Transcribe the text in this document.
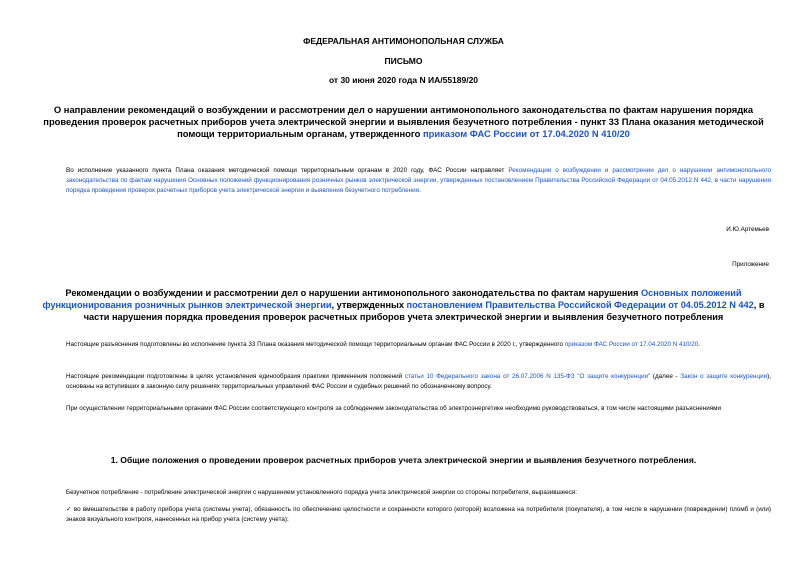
ФЕДЕРАЛЬНАЯ АНТИМОНОПОЛЬНАЯ СЛУЖБА
ПИСЬМО
от 30 июня 2020 года N ИА/55189/20
О направлении рекомендаций о возбуждении и рассмотрении дел о нарушении антимонопольного законодательства по фактам нарушения порядка проведения проверок расчетных приборов учета электрической энергии и выявления безучетного потребления - пункт 33 Плана оказания методической помощи территориальным органам, утвержденного приказом ФАС России от 17.04.2020 N 410/20
Во исполнение указанного пункта Плана оказания методической помощи территориальным органам в 2020 году, ФАС России направляет Рекомендации о возбуждении и рассмотрении дел о нарушении антимонопольного законодательства по фактам нарушения Основных положений функционирования розничных рынков электрической энергии, утвержденных постановлением Правительства Российской Федерации от 04.05.2012 N 442, в части нарушения порядка проведения проверок расчетных приборов учета электрической энергии и выявления безучетного потребления.
И.Ю.Артемьев
Приложение
Рекомендации о возбуждении и рассмотрении дел о нарушении антимонопольного законодательства по фактам нарушения Основных положений функционирования розничных рынков электрической энергии, утвержденных постановлением Правительства Российской Федерации от 04.05.2012 N 442, в части нарушения порядка проведения проверок расчетных приборов учета электрической энергии и выявления безучетного потребления
Настоящие разъяснения подготовлены во исполнение пункта 33 Плана оказания методической помощи территориальным органам ФАС России в 2020 г., утвержденного приказом ФАС России от 17.04.2020 N 410/20.
Настоящие рекомендации подготовлены в целях установления единообразия практики применения положений статьи 10 Федерального закона от 26.07.2006 N 135-ФЗ "О защите конкуренции" (далее - Закон о защите конкуренции), основаны на вступивших в законную силу решениях территориальных управлений ФАС России и судебных решений по обозначенному вопросу.
При осуществлении территориальными органами ФАС России соответствующего контроля за соблюдением законодательства об электроэнергетике необходимо руководствоваться, в том числе настоящими разъяснениями
1. Общие положения о проведении проверок расчетных приборов учета электрической энергии и выявления безучетного потребления.
Безучетное потребление - потребление электрической энергии с нарушением установленного порядка учета электрической энергии со стороны потребителя, выразившееся:
✓ во вмешательстве в работу прибора учета (системы учета), обязанность по обеспечению целостности и сохранности которого (которой) возложена на потребителя (покупателя), в том числе в нарушении (повреждении) пломб и (или) знаков визуального контроля, нанесенных на прибор учета (систему учета);
